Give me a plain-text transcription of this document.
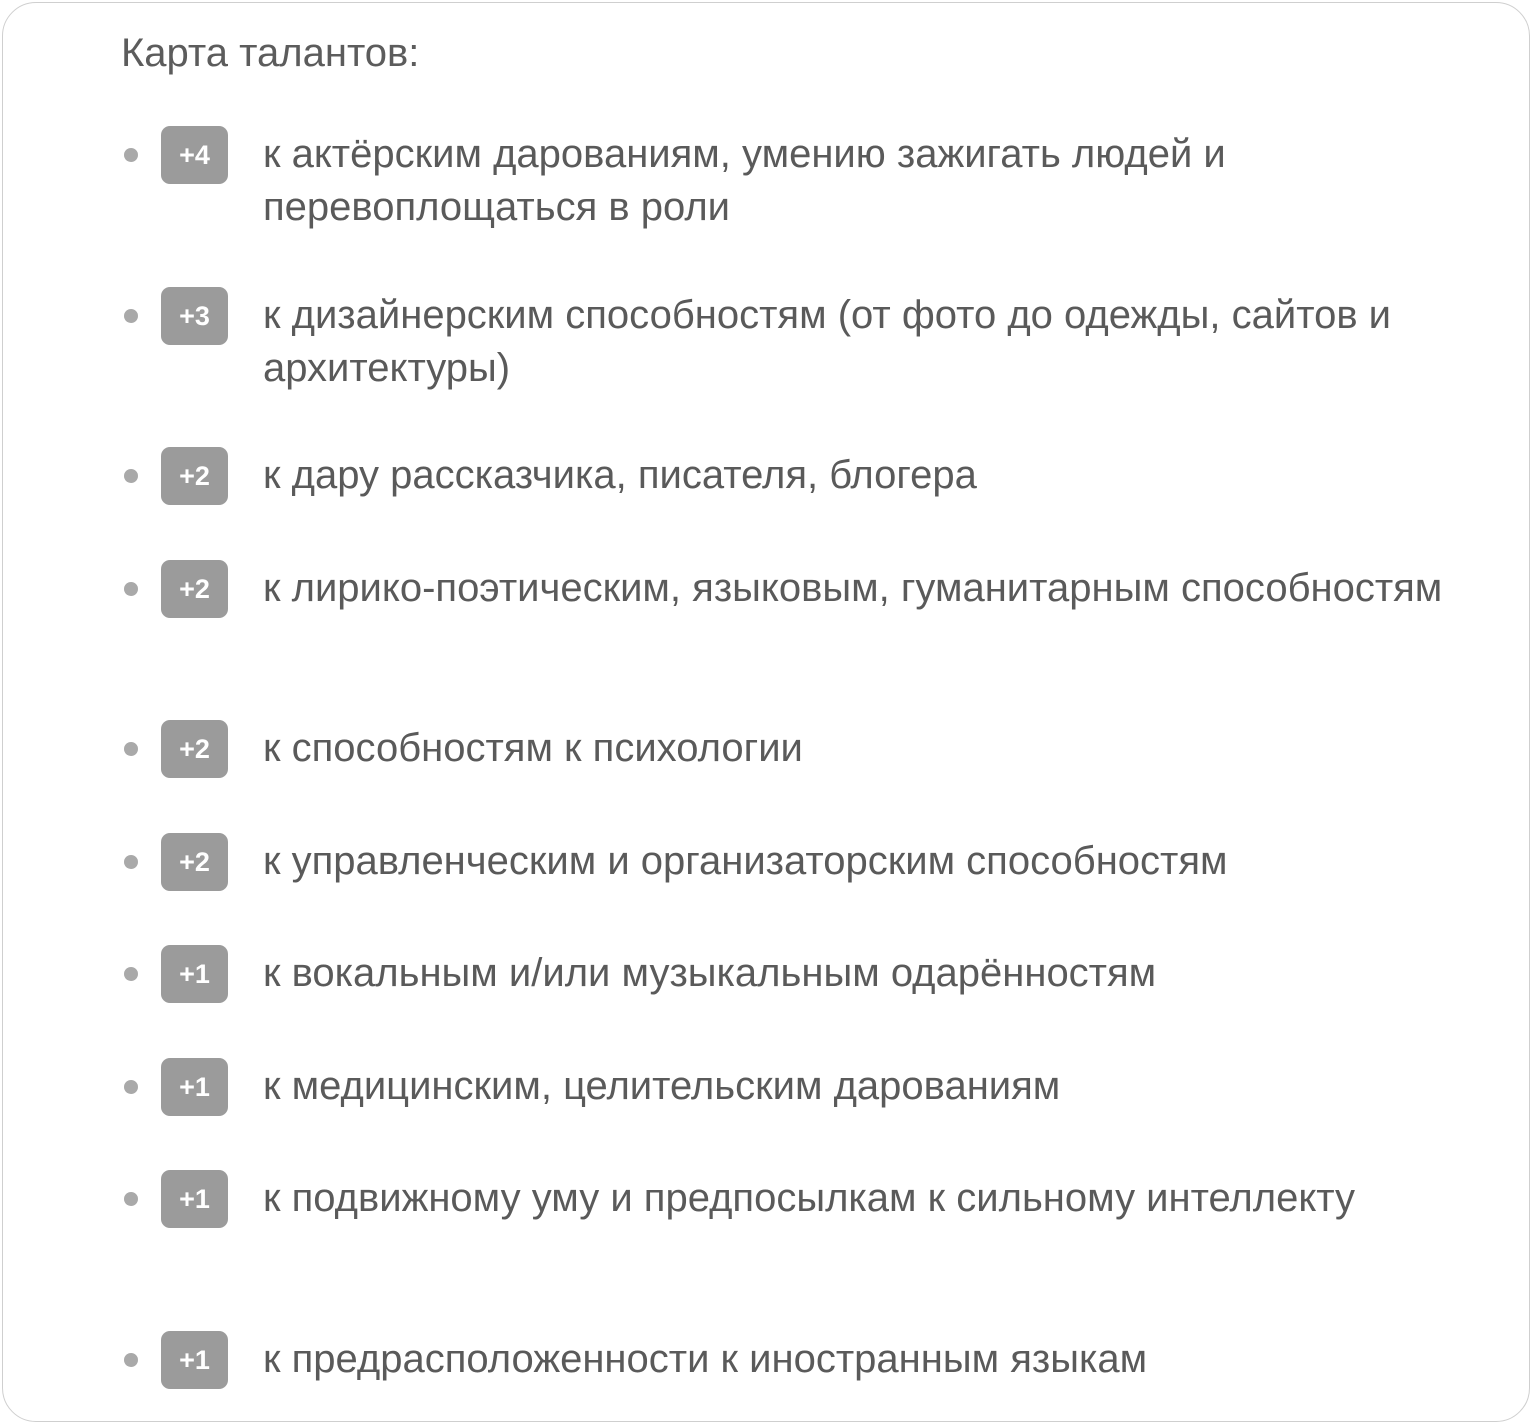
Карта талантов:
+4	к актёрским дарованиям, умению зажигать людей и перевоплощаться в роли
+3	к дизайнерским способностям (от фото до одежды, сайтов и архитектуры)
+2	к дару рассказчика, писателя, блогера
+2	к лирико-поэтическим, языковым, гуманитарным способностям
+2	к способностям к психологии
+2	к управленческим и организаторским способностям
+1	к вокальным и/или музыкальным одарённостям
+1	к медицинским, целительским дарованиям
+1	к подвижному уму и предпосылкам к сильному интеллекту
+1	к предрасположенности к иностранным языкам
